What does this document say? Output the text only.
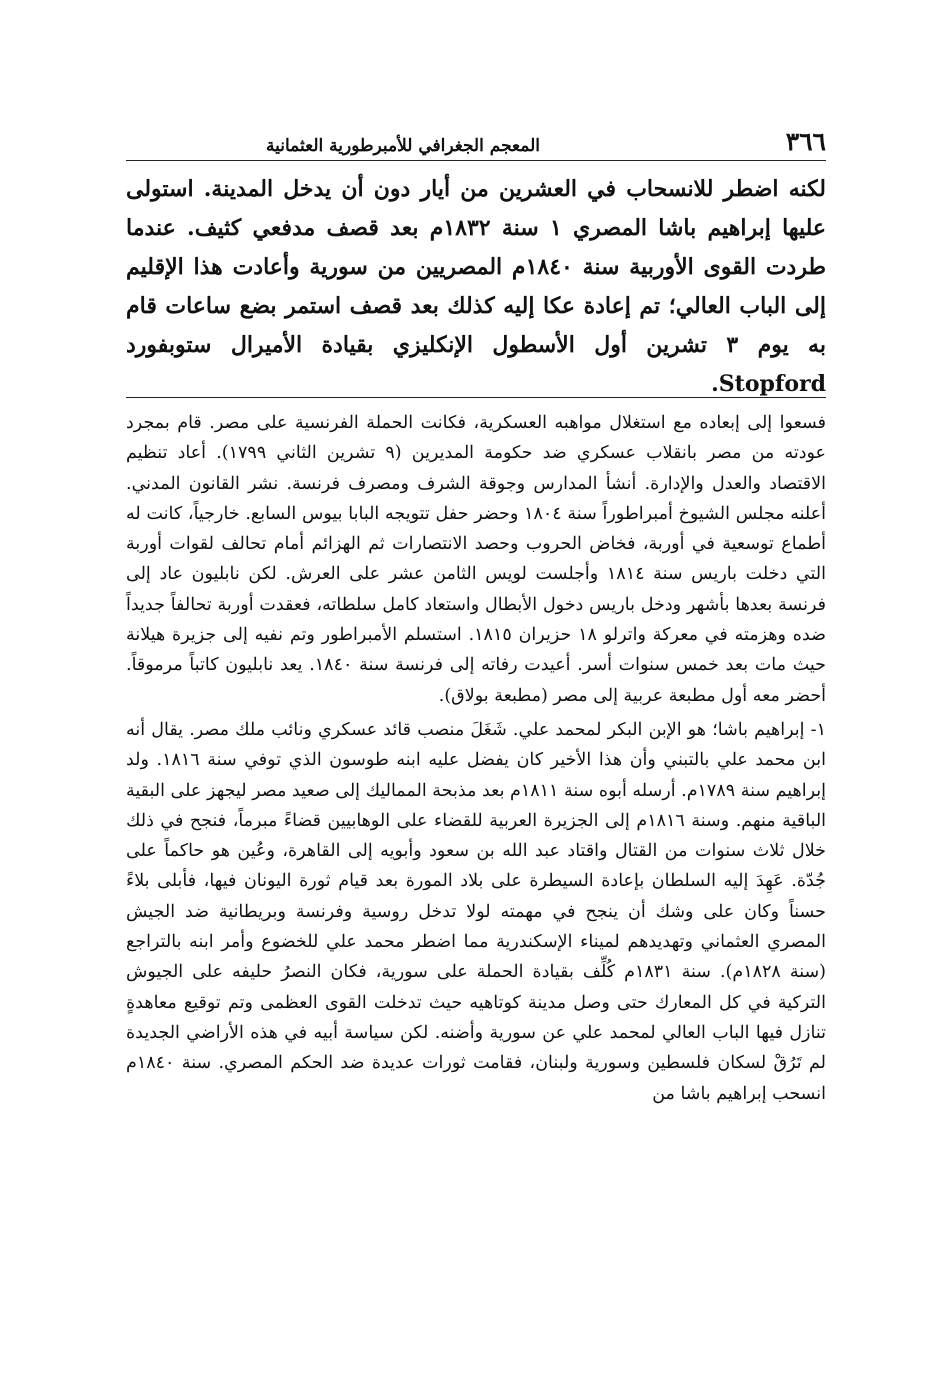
٣٦٦
المعجم الجغرافي للأمبرطورية العثمانية

لكنه اضطر للانسحاب في العشرين من أيار دون أن يدخل المدينة. استولى عليها إبراهيم باشا المصري ١ سنة ١٨٣٢م بعد قصف مدفعي كثيف. عندما طردت القوى الأوربية سنة ١٨٤٠م المصريين من سورية وأعادت هذا الإقليم إلى الباب العالي؛ تم إعادة عكا إليه كذلك بعد قصف استمر بضع ساعات قام به يوم ٣ تشرين أول الأسطول الإنكليزي بقيادة الأميرال ستوبفورد Stopford.

فسعوا إلى إبعاده مع استغلال مواهبه العسكرية، فكانت الحملة الفرنسية على مصر. قام بمجرد عودته من مصر بانقلاب عسكري ضد حكومة المديرين (٩ تشرين الثاني ١٧٩٩). أعاد تنظيم الاقتصاد والعدل والإدارة. أنشأ المدارس وجوقة الشرف ومصرف فرنسة. نشر القانون المدني. أعلنه مجلس الشيوخ أمبراطوراً سنة ١٨٠٤ وحضر حفل تتويجه البابا بيوس السابع. خارجياً، كانت له أطماع توسعية في أوربة، فخاض الحروب وحصد الانتصارات ثم الهزائم أمام تحالف لقوات أوربة التي دخلت باريس سنة ١٨١٤ وأجلست لويس الثامن عشر على العرش. لكن نابليون عاد إلى فرنسة بعدها بأشهر ودخل باريس دخول الأبطال واستعاد كامل سلطاته، فعقدت أوربة تحالفاً جديداً ضده وهزمته في معركة واترلو ١٨ حزيران ١٨١٥. استسلم الأمبراطور وتم نفيه إلى جزيرة هيلانة حيث مات بعد خمس سنوات أسر. أعيدت رفاته إلى فرنسة سنة ١٨٤٠. يعد نابليون كاتباً مرموقاً. أحضر معه أول مطبعة عربية إلى مصر (مطبعة بولاق).

١- إبراهيم باشا؛ هو الإبن البكر لمحمد علي. شَغَلَ منصب قائد عسكري ونائب ملك مصر. يقال أنه ابن محمد علي بالتبني وأن هذا الأخير كان يفضل عليه ابنه طوسون الذي توفي سنة ١٨١٦. ولد إبراهيم سنة ١٧٨٩م. أرسله أبوه سنة ١٨١١م بعد مذبحة المماليك إلى صعيد مصر ليجهز على البقية الباقية منهم. وسنة ١٨١٦م إلى الجزيرة العربية للقضاء على الوهابيين قضاءً مبرماً، فنجح في ذلك خلال ثلاث سنوات من القتال واقتاد عبد الله بن سعود وأبويه إلى القاهرة، وعُين هو حاكماً على جُدّة. عَهِدَ إليه السلطان بإعادة السيطرة على بلاد المورة بعد قيام ثورة اليونان فيها، فأبلى بلاءً حسناً وكان على وشك أن ينجح في مهمته لولا تدخل روسية وفرنسة وبريطانية ضد الجيش المصري العثماني وتهديدهم لميناء الإسكندرية مما اضطر محمد علي للخضوع وأمر ابنه بالتراجع (سنة ١٨٢٨م). سنة ١٨٣١م كُلِّف بقيادة الحملة على سورية، فكان النصرُ حليفه على الجيوش التركية في كل المعارك حتى وصل مدينة كوتاهيه حيث تدخلت القوى العظمى وتم توقيع معاهدةٍ تنازل فيها الباب العالي لمحمد علي عن سورية وأضنه. لكن سياسة أبيه في هذه الأراضي الجديدة لم تَرُقْ لسكان فلسطين وسورية ولبنان، فقامت ثورات عديدة ضد الحكم المصري. سنة ١٨٤٠م انسحب إبراهيم باشا من
